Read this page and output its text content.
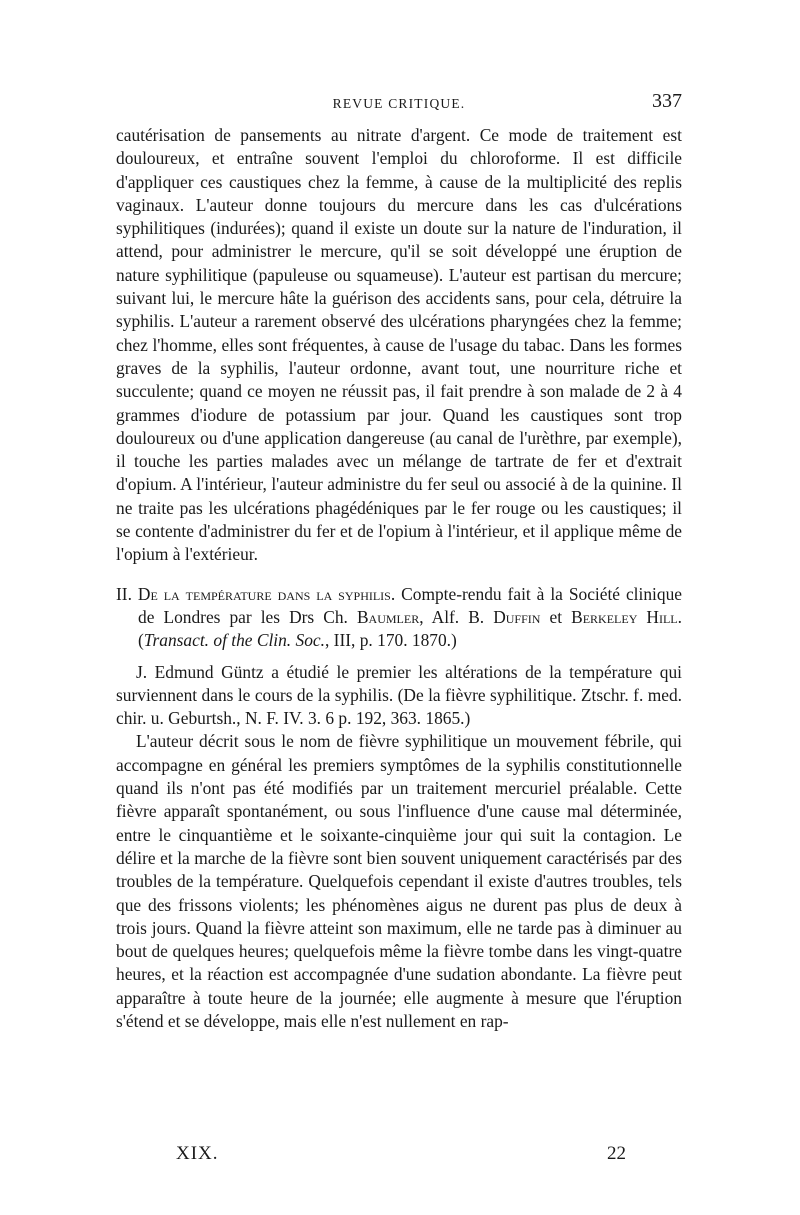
REVUE CRITIQUE.	337

cautérisation de pansements au nitrate d'argent. Ce mode de traitement est douloureux, et entraîne souvent l'emploi du chloroforme. Il est difficile d'appliquer ces caustiques chez la femme, à cause de la multiplicité des replis vaginaux. L'auteur donne toujours du mercure dans les cas d'ulcérations syphilitiques (indurées); quand il existe un doute sur la nature de l'induration, il attend, pour administrer le mercure, qu'il se soit développé une éruption de nature syphilitique (papuleuse ou squameuse). L'auteur est partisan du mercure; suivant lui, le mercure hâte la guérison des accidents sans, pour cela, détruire la syphilis. L'auteur a rarement observé des ulcérations pharyngées chez la femme; chez l'homme, elles sont fréquentes, à cause de l'usage du tabac. Dans les formes graves de la syphilis, l'auteur ordonne, avant tout, une nourriture riche et succulente; quand ce moyen ne réussit pas, il fait prendre à son malade de 2 à 4 grammes d'iodure de potassium par jour. Quand les caustiques sont trop douloureux ou d'une application dangereuse (au canal de l'urèthre, par exemple), il touche les parties malades avec un mélange de tartrate de fer et d'extrait d'opium. A l'intérieur, l'auteur administre du fer seul ou associé à de la quinine. Il ne traite pas les ulcérations phagédéniques par le fer rouge ou les caustiques; il se contente d'administrer du fer et de l'opium à l'intérieur, et il applique même de l'opium à l'extérieur.

II. De la température dans la syphilis. Compte-rendu fait à la Société clinique de Londres par les Drs Ch. Baumler, Alf. B. Duffin et Berkeley Hill. (Transact. of the Clin. Soc., III, p. 170. 1870.)

J. Edmund Güntz a étudié le premier les altérations de la température qui surviennent dans le cours de la syphilis. (De la fièvre syphilitique. Ztschr. f. med. chir. u. Geburtsh., N. F. IV. 3. 6 p. 192, 363. 1865.)

L'auteur décrit sous le nom de fièvre syphilitique un mouvement fébrile, qui accompagne en général les premiers symptômes de la syphilis constitutionnelle quand ils n'ont pas été modifiés par un traitement mercuriel préalable. Cette fièvre apparaît spontanément, ou sous l'influence d'une cause mal déterminée, entre le cinquantième et le soixante-cinquième jour qui suit la contagion. Le délire et la marche de la fièvre sont bien souvent uniquement caractérisés par des troubles de la température. Quelquefois cependant il existe d'autres troubles, tels que des frissons violents; les phénomènes aigus ne durent pas plus de deux à trois jours. Quand la fièvre atteint son maximum, elle ne tarde pas à diminuer au bout de quelques heures; quelquefois même la fièvre tombe dans les vingt-quatre heures, et la réaction est accompagnée d'une sudation abondante. La fièvre peut apparaître à toute heure de la journée; elle augmente à mesure que l'éruption s'étend et se développe, mais elle n'est nullement en rap-

XIX.	22
